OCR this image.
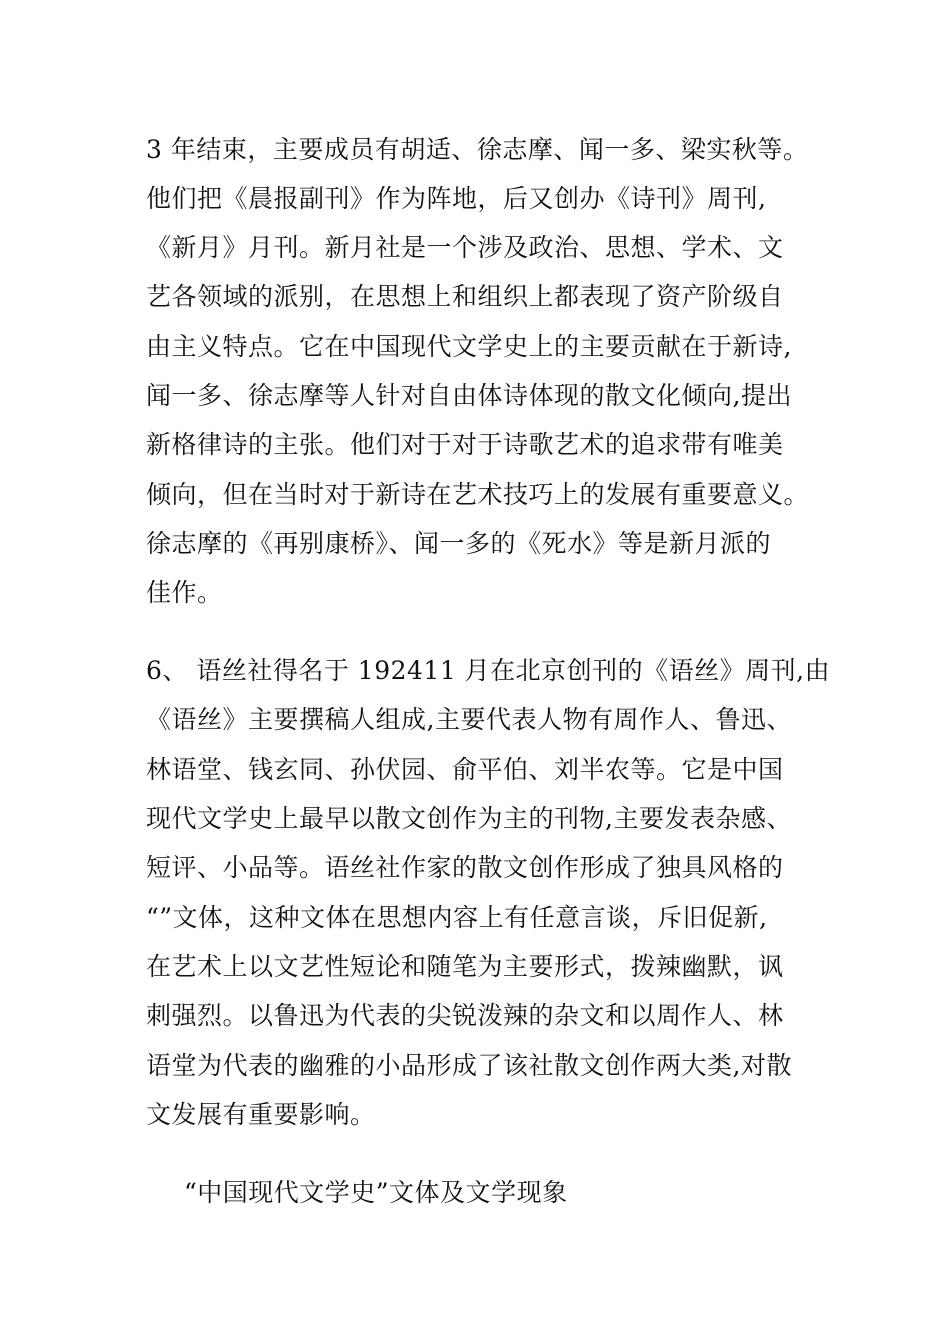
3 年结束，主要成员有胡适、徐志摩、闻一多、梁实秋等。
他们把《晨报副刊》作为阵地，后又创办《诗刊》周刊,
《新月》月刊。新月社是一个涉及政治、思想、学术、文
艺各领域的派别，在思想上和组织上都表现了资产阶级自
由主义特点。它在中国现代文学史上的主要贡献在于新诗,
闻一多、徐志摩等人针对自由体诗体现的散文化倾向,提出
新格律诗的主张。他们对于对于诗歌艺术的追求带有唯美
倾向，但在当时对于新诗在艺术技巧上的发展有重要意义。
徐志摩的《再别康桥》、闻一多的《死水》等是新月派的
佳作。
6、 语丝社得名于 192411 月在北京创刊的《语丝》周刊,由
《语丝》主要撰稿人组成,主要代表人物有周作人、鲁迅、
林语堂、钱玄同、孙伏园、俞平伯、刘半农等。它是中国
现代文学史上最早以散文创作为主的刊物,主要发表杂感、
短评、小品等。语丝社作家的散文创作形成了独具风格的
“”文体，这种文体在思想内容上有任意言谈，斥旧促新,
在艺术上以文艺性短论和随笔为主要形式，拨辣幽默，讽
刺强烈。以鲁迅为代表的尖锐泼辣的杂文和以周作人、林
语堂为代表的幽雅的小品形成了该社散文创作两大类,对散
文发展有重要影响。
“中国现代文学史”文体及文学现象
